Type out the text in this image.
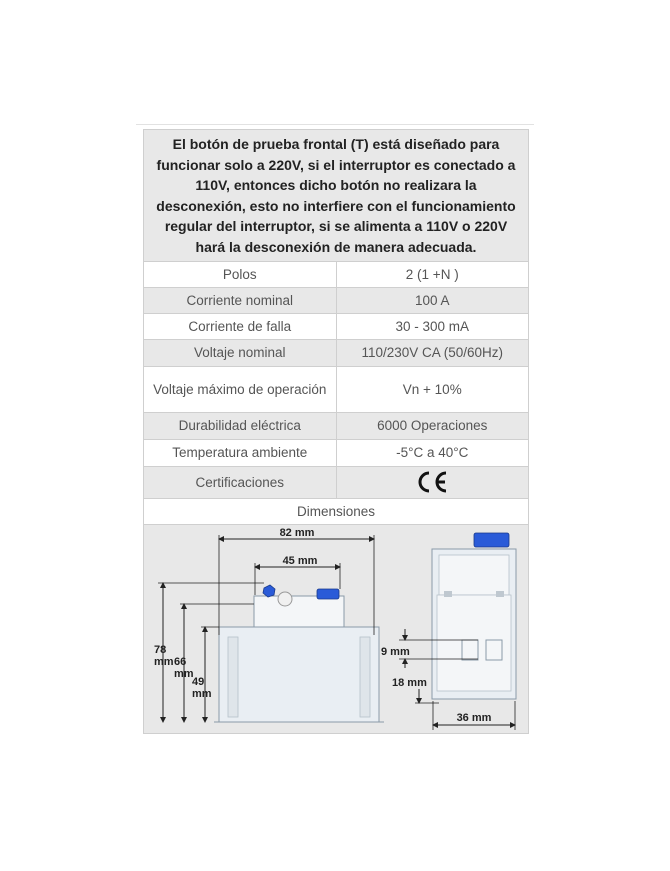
El botón de prueba frontal (T) está diseñado para funcionar solo a 220V, si el interruptor es conectado a 110V, entonces dicho botón no realizara la desconexión, esto no interfiere con el funcionamiento regular del interruptor, si se alimenta a 110V o 220V hará la desconexión de manera adecuada.
Polos	2 (1 +N )
Corriente nominal	100 A
Corriente de falla	30 - 300 mA
Voltaje nominal	110/230V CA (50/60Hz)
Voltaje máximo de operación	Vn + 10%
Durabilidad eléctrica	6000 Operaciones
Temperatura ambiente	-5°C a 40°C
Certificaciones
Dimensiones
82 mm
45 mm
78
mm 66
mm
49
mm
9 mm
18 mm
36 mm
